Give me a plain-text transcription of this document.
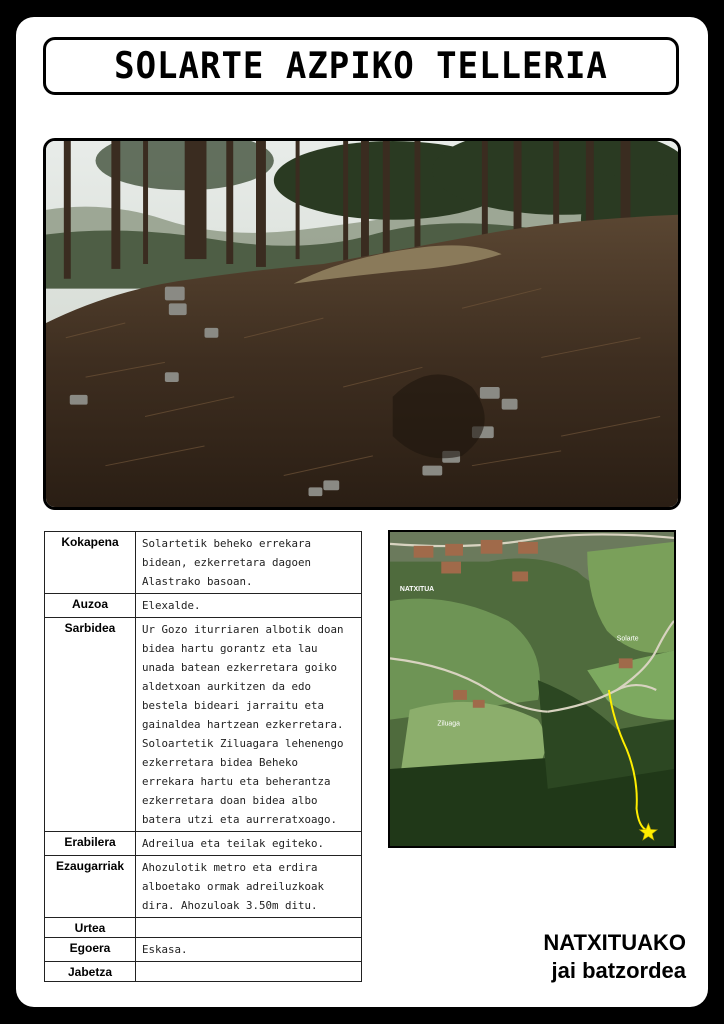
SOLARTE AZPIKO TELLERIA
Kokapena	Solartetik beheko errekara bidean, ezkerretara dagoen Alastrako basoan.
Auzoa	Elexalde.
Sarbidea	Ur Gozo iturriaren albotik doan bidea hartu gorantz eta lau unada batean ezkerretara goiko aldetxoan aurkitzen da edo bestela bideari jarraitu eta gainaldea hartzean ezkerretara. Soloartetik Ziluagara lehenengo ezkerretara bidea Beheko errekara hartu eta beherantza ezkerretara doan bidea albo batera utzi eta aurreratxoago.
Erabilera	Adreilua eta teilak egiteko.
Ezaugarriak	Ahozulotik metro eta erdira alboetako ormak adreiluzkoak dira. Ahozuloak 3.50m ditu.
Urtea	
Egoera	Eskasa.
Jabetza	
NATXITUA
Solarte
Ziluaga
NATXITUAKO
jai batzordea
